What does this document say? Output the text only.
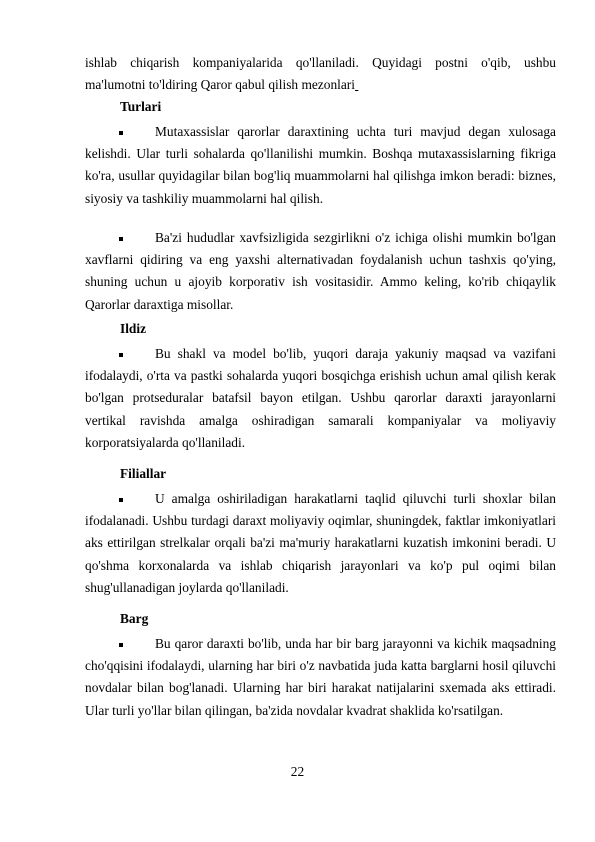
ishlab chiqarish kompaniyalarida qo'llaniladi. Quyidagi postni o'qib, ushbu
ma'lumotni to'ldiring Qaror qabul qilish mezonlari
Turlari
Mutaxassislar qarorlar daraxtining uchta turi mavjud degan xulosaga kelishdi. Ular turli sohalarda qo'llanilishi mumkin. Boshqa mutaxassislarning fikriga ko'ra, usullar quyidagilar bilan bog'liq muammolarni hal qilishga imkon beradi: biznes, siyosiy va tashkiliy muammolarni hal qilish.
Ba'zi hududlar xavfsizligida sezgirlikni o'z ichiga olishi mumkin bo'lgan xavflarni qidiring va eng yaxshi alternativadan foydalanish uchun tashxis qo'ying, shuning uchun u ajoyib korporativ ish vositasidir. Ammo keling, ko'rib chiqaylik Qarorlar daraxtiga misollar.
Ildiz
Bu shakl va model bo'lib, yuqori daraja yakuniy maqsad va vazifani ifodalaydi, o'rta va pastki sohalarda yuqori bosqichga erishish uchun amal qilish kerak bo'lgan protseduralar batafsil bayon etilgan. Ushbu qarorlar daraxti jarayonlarni vertikal ravishda amalga oshiradigan samarali kompaniyalar va moliyaviy korporatsiyalarda qo'llaniladi.
Filiallar
U amalga oshiriladigan harakatlarni taqlid qiluvchi turli shoxlar bilan ifodalanadi. Ushbu turdagi daraxt moliyaviy oqimlar, shuningdek, faktlar imkoniyatlari aks ettirilgan strelkalar orqali ba'zi ma'muriy harakatlarni kuzatish imkonini beradi. U qo'shma korxonalarda va ishlab chiqarish jarayonlari va ko'p pul oqimi bilan shug'ullanadigan joylarda qo'llaniladi.
Barg
Bu qaror daraxti bo'lib, unda har bir barg jarayonni va kichik maqsadning cho'qqisini ifodalaydi, ularning har biri o'z navbatida juda katta barglarni hosil qiluvchi novdalar bilan bog'lanadi. Ularning har biri harakat natijalarini sxemada aks ettiradi. Ular turli yo'llar bilan qilingan, ba'zida novdalar kvadrat shaklida ko'rsatilgan.
22
